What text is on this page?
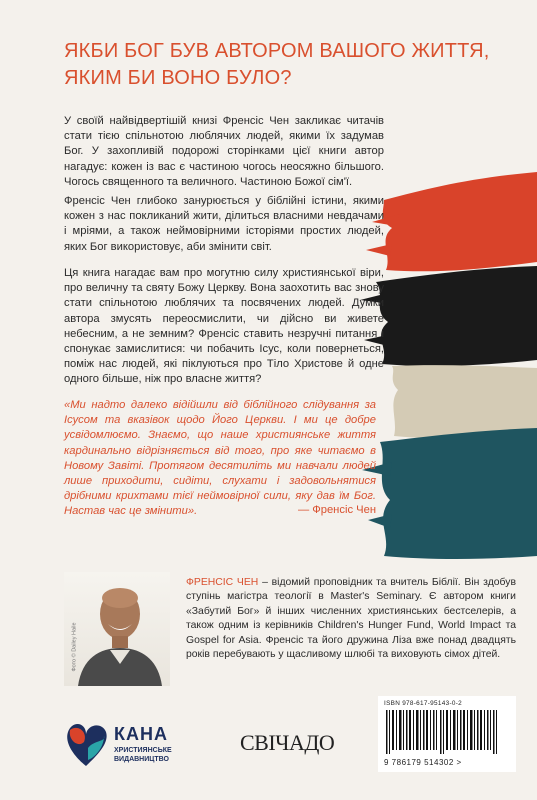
ЯКБИ БОГ БУВ АВТОРОМ ВАШОГО ЖИТТЯ,
ЯКИМ БИ ВОНО БУЛО?
У своїй найвідвертішій книзі Френсіс Чен закликає читачів стати тією спільнотою люблячих людей, якими їх задумав Бог. У захопливій подорожі сторінками цієї книги автор нагадує: кожен із вас є частиною чогось неосяжно більшого. Чогось священного та величного. Частиною Божої сім'ї.
Френсіс Чен глибоко занурюється у біблійні істини, якими кожен з нас покликаний жити, ділиться власними невдачами і мріями, а також неймовірними історіями простих людей, яких Бог використовує, аби змінити світ.
Ця книга нагадає вам про могутню силу християнської віри, про величну та святу Божу Церкву. Вона заохотить вас знову стати спільнотою люблячих та посвячених людей. Думки автора змусять переосмислити, чи дійсно ви живете небесним, а не земним? Френсіс ставить незручні питання і спонукає замислитися: чи побачить Ісус, коли повернеться, поміж нас людей, які піклуються про Тіло Христове й одне одного більше, ніж про власне життя?
«Ми надто далеко відійшли від біблійного слідування за Ісусом та вказівок щодо Його Церкви. І ми це добре усвідомлюємо. Знаємо, що наше християнське життя кардинально відрізняється від того, про яке читаємо в Новому Завіті. Протягом десятиліть ми навчали людей лише приходити, сидіти, слухати і задовольнятися дрібними крихтами тієї неймовірної сили, яку дав їм Бог. Настав час це змінити».	— Френсіс Чен
Фото © Dailey Haile
ФРЕНСІС ЧЕН – відомий проповідник та вчитель Біблії. Він здобув ступінь магістра теології в Master's Seminary. Є автором книги «Забутий Бог» й інших численних християнських бестселерів, а також одним із керівників Children's Hunger Fund, World Impact та Gospel for Asia. Френсіс та його дружина Ліза вже понад двадцять років перебувають у щасливому шлюбі та виховують сімох дітей.
КАНА
ХРИСТИЯНСЬКЕ
ВИДАВНИЦТВО
СВІЧАДО
ISBN 978-617-95143-0-2
9 786179 514302 >
